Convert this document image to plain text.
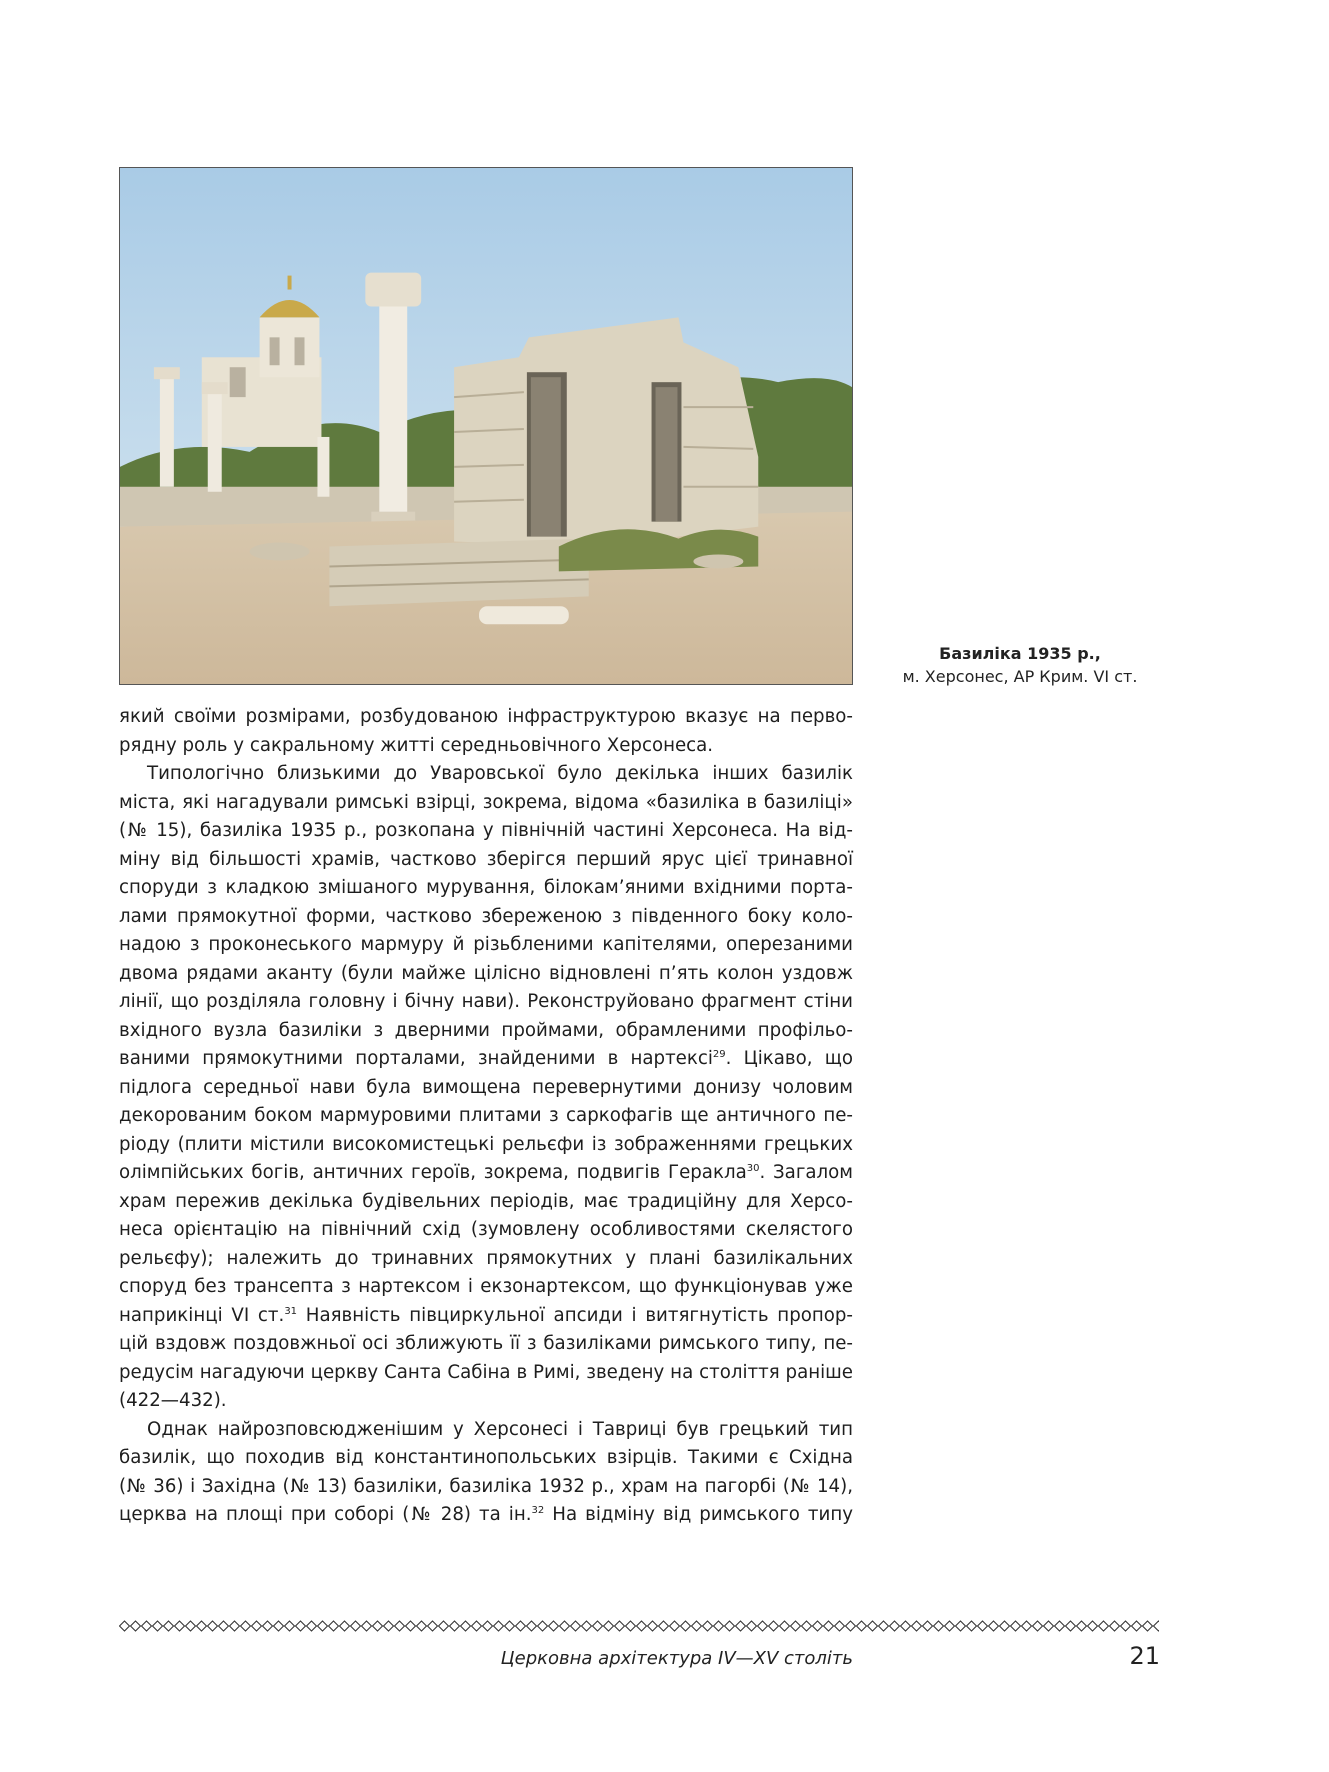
Базиліка 1935 р.,
м. Херсонес, АР Крим. VI ст.
який своїми розмірами, розбудованою інфраструктурою вказує на перво-
рядну роль у сакральному житті середньовічного Херсонеса.
Типологічно близькими до Уваровської було декілька інших базилік
міста, які нагадували римські взірці, зокрема, відома «базиліка в базиліці»
(№ 15), базиліка 1935 р., розкопана у північній частині Херсонеса. На від-
міну від більшості храмів, частково зберігся перший ярус цієї тринавної
споруди з кладкою змішаного мурування, білокам’яними вхідними порта-
лами прямокутної форми, частково збереженою з південного боку коло-
надою з проконеського мармуру й різьбленими капітелями, оперезаними
двома рядами аканту (були майже цілісно відновлені п’ять колон уздовж
лінії, що розділяла головну і бічну нави). Реконструйовано фрагмент стіни
вхідного вузла базиліки з дверними проймами, обрамленими профільо-
ваними прямокутними порталами, знайденими в нартексі$^{29}$. Цікаво, що
підлога середньої нави була вимощена перевернутими донизу чоловим
декорованим боком мармуровими плитами з саркофагів ще античного пе-
ріоду (плити містили високомистецькі рельєфи із зображеннями грецьких
олімпійських богів, античних героїв, зокрема, подвигів Геракла$^{30}$. Загалом
храм пережив декілька будівельних періодів, має традиційну для Херсо-
неса орієнтацію на північний схід (зумовлену особливостями скелястого
рельєфу); належить до тринавних прямокутних у плані базилікальних
споруд без трансепта з нартексом і екзонартексом, що функціонував уже
наприкінці VI ст.$^{31}$ Наявність півциркульної апсиди і витягнутість пропор-
цій вздовж поздовжньої осі зближують її з базиліками римського типу, пе-
редусім нагадуючи церкву Санта Сабіна в Римі, зведену на століття раніше
(422—432).
Однак найрозповсюдженішим у Херсонесі і Тавриці був грецький тип
базилік, що походив від константинопольських взірців. Такими є Східна
(№ 36) і Західна (№ 13) базиліки, базиліка 1932 р., храм на пагорбі (№ 14),
церква на площі при соборі (№ 28) та ін.$^{32}$ На відміну від римського типу
Церковна архітектура IV—XV століть	21
